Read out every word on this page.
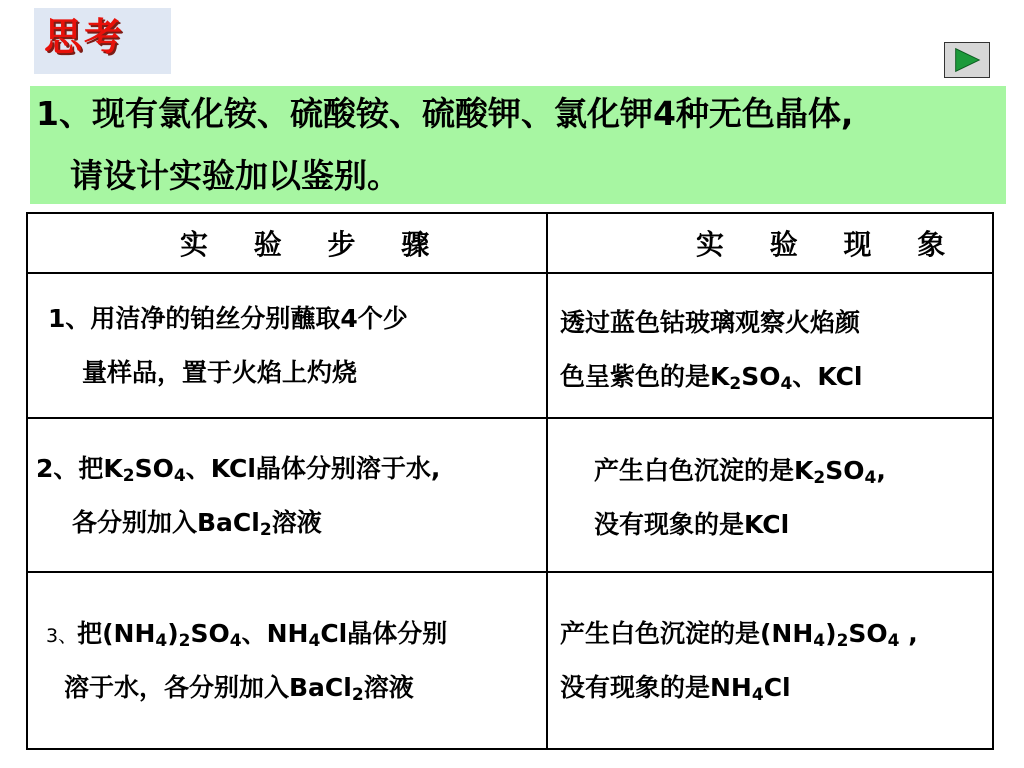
思考
1、现有氯化铵、硫酸铵、硫酸钾、氯化钾4种无色晶体,
请设计实验加以鉴别。
实 验 步 骤	实 验 现 象
1、用洁净的铂丝分别蘸取4个少
量样品，置于火焰上灼烧
透过蓝色钴玻璃观察火焰颜
色呈紫色的是$K_2SO_4$、KCl
2、把$K_2SO_4$、KCl晶体分别溶于水,
各分别加入BaCl$_2$溶液
产生白色沉淀的是$K_2SO_4$,
没有现象的是KCl
3、把$(NH_4)_2SO_4$、$NH_4Cl$晶体分别
溶于水，各分别加入BaCl$_2$溶液
产生白色沉淀的是$(NH_4)_2SO_4$ ,
没有现象的是$NH_4Cl$
